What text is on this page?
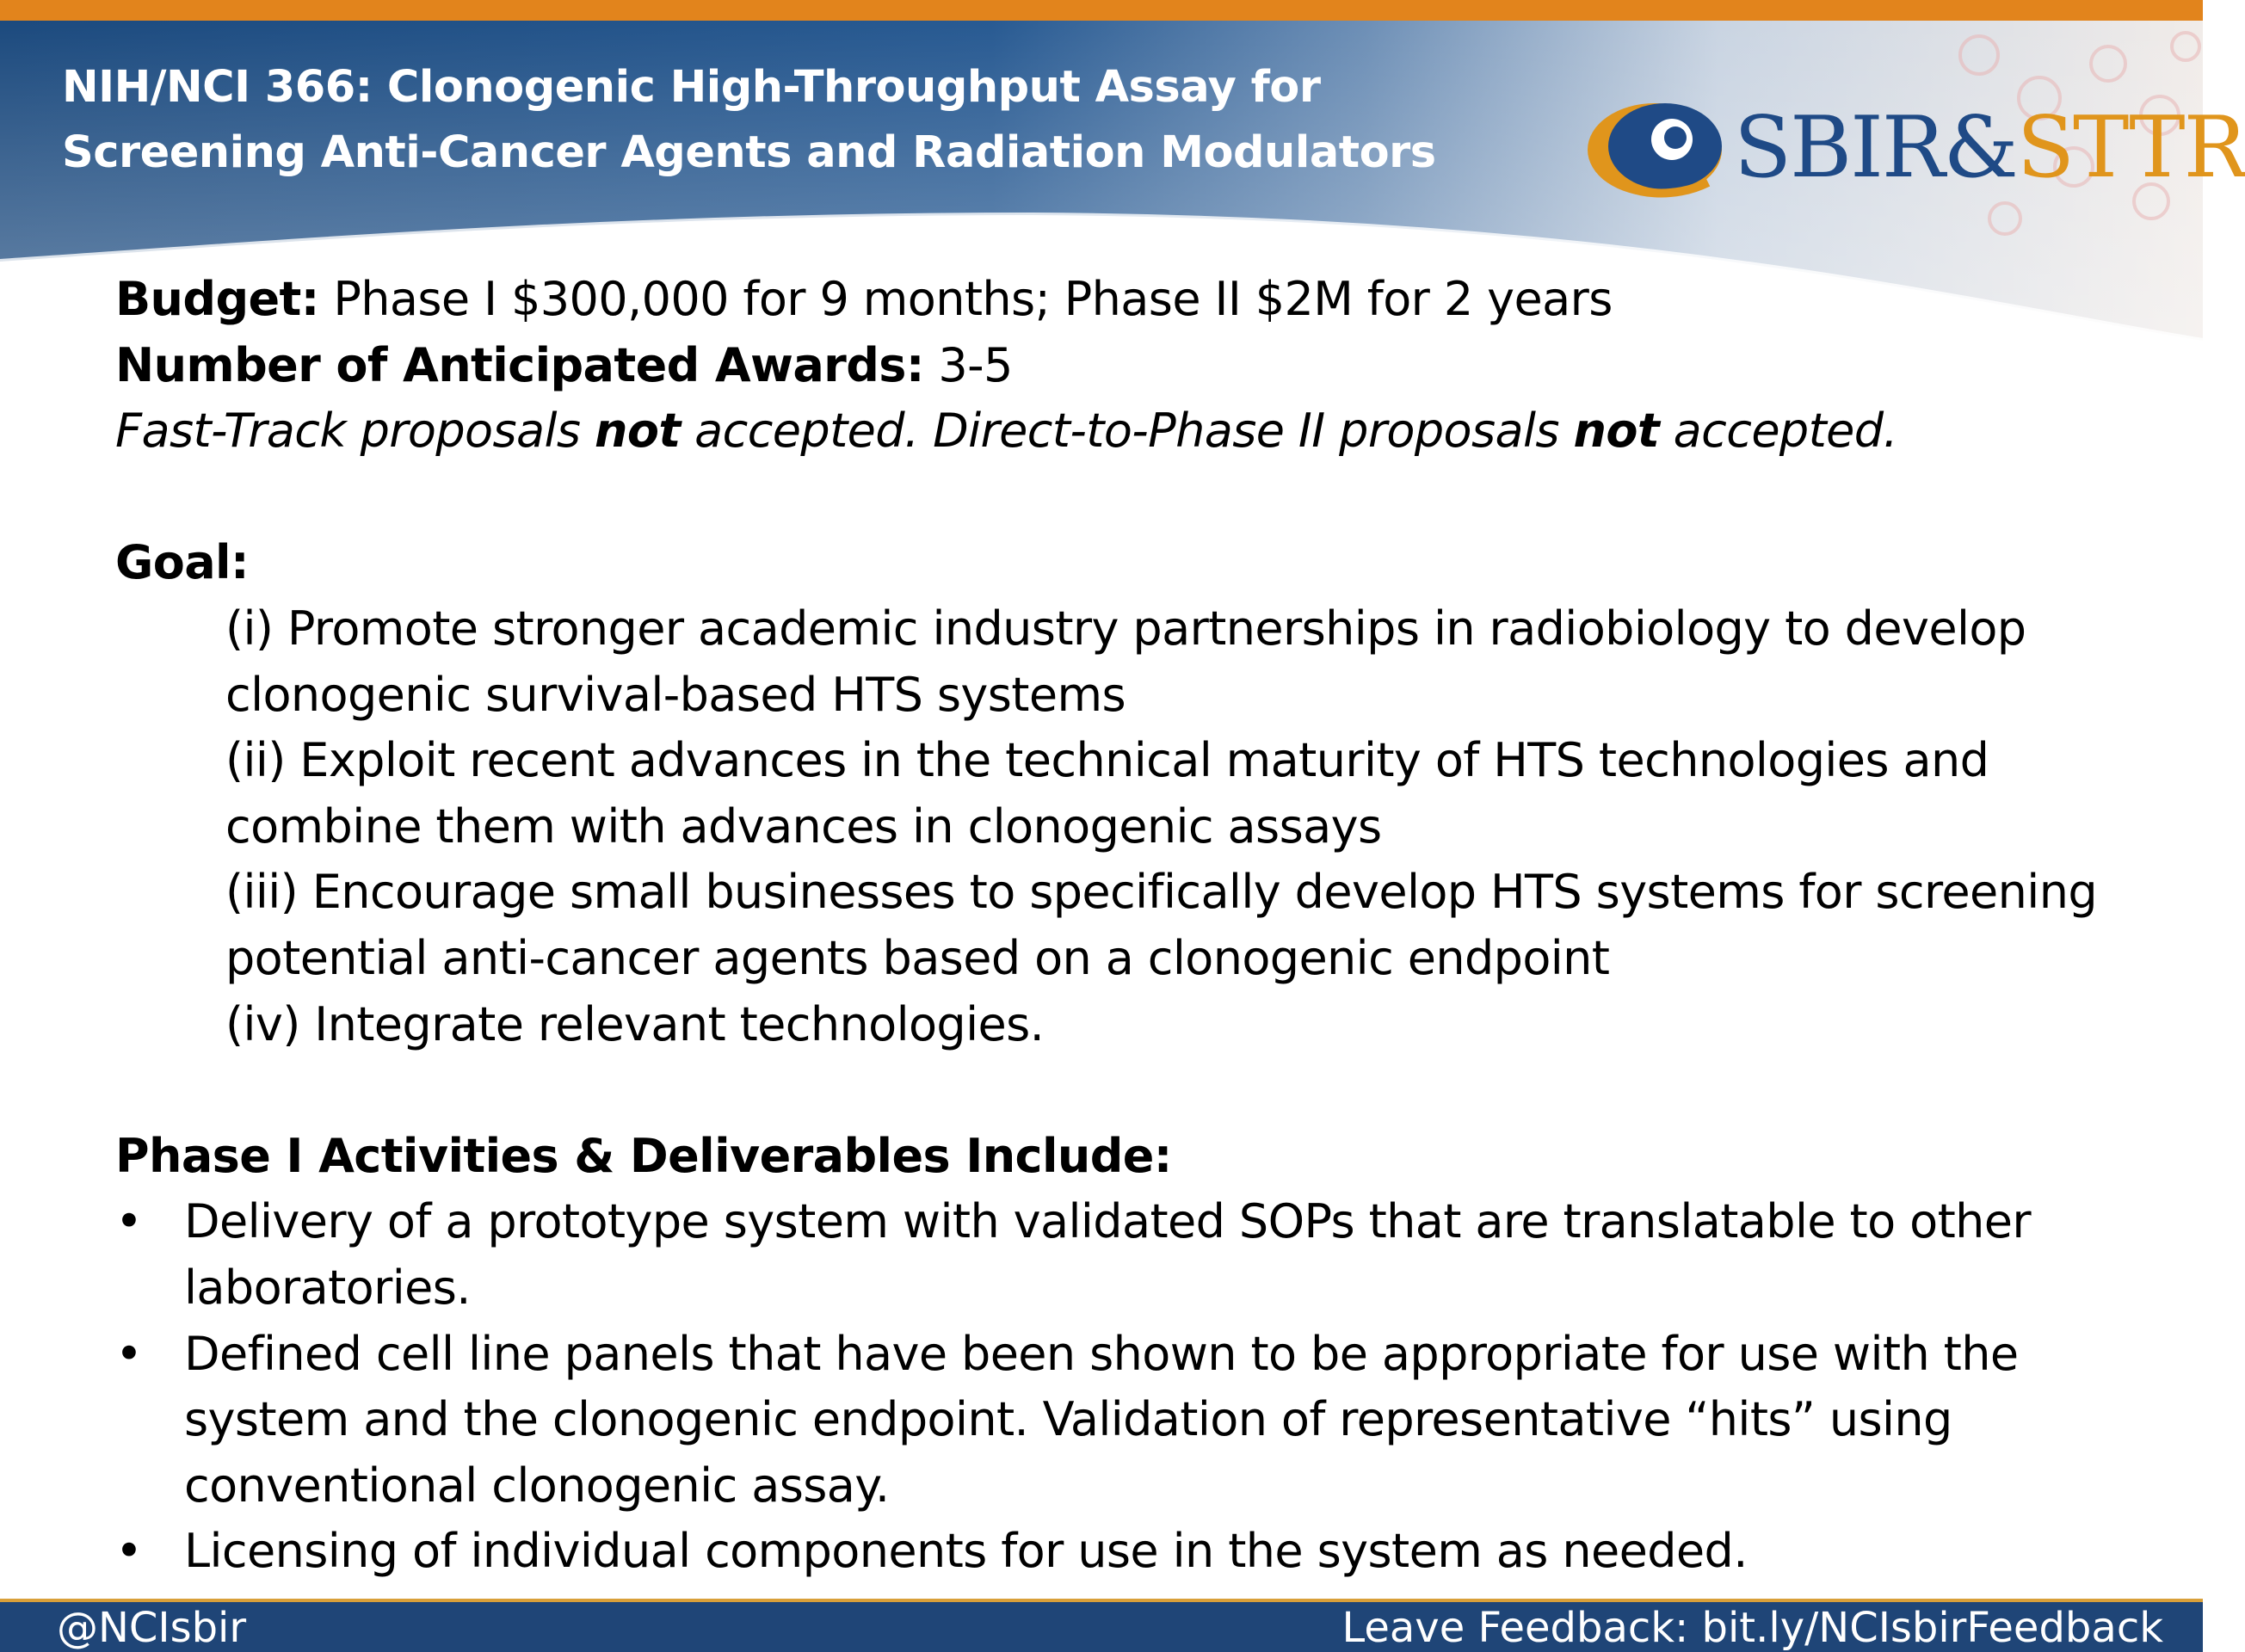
NIH/NCI 366: Clonogenic High-Throughput Assay for
Screening Anti-Cancer Agents and Radiation Modulators	SBIR&STTR
Budget: Phase I $300,000 for 9 months; Phase II $2M for 2 years
Number of Anticipated Awards: 3-5
Fast-Track proposals not accepted. Direct-to-Phase II proposals not accepted.
Goal:
(i) Promote stronger academic industry partnerships in radiobiology to develop
clonogenic survival-based HTS systems
(ii) Exploit recent advances in the technical maturity of HTS technologies and
combine them with advances in clonogenic assays
(iii) Encourage small businesses to specifically develop HTS systems for screening
potential anti-cancer agents based on a clonogenic endpoint
(iv) Integrate relevant technologies.
Phase I Activities & Deliverables Include:
• Delivery of a prototype system with validated SOPs that are translatable to other
laboratories.
• Defined cell line panels that have been shown to be appropriate for use with the
system and the clonogenic endpoint. Validation of representative “hits” using
conventional clonogenic assay.
• Licensing of individual components for use in the system as needed.
@NCIsbir	Leave Feedback: bit.ly/NCIsbirFeedback
